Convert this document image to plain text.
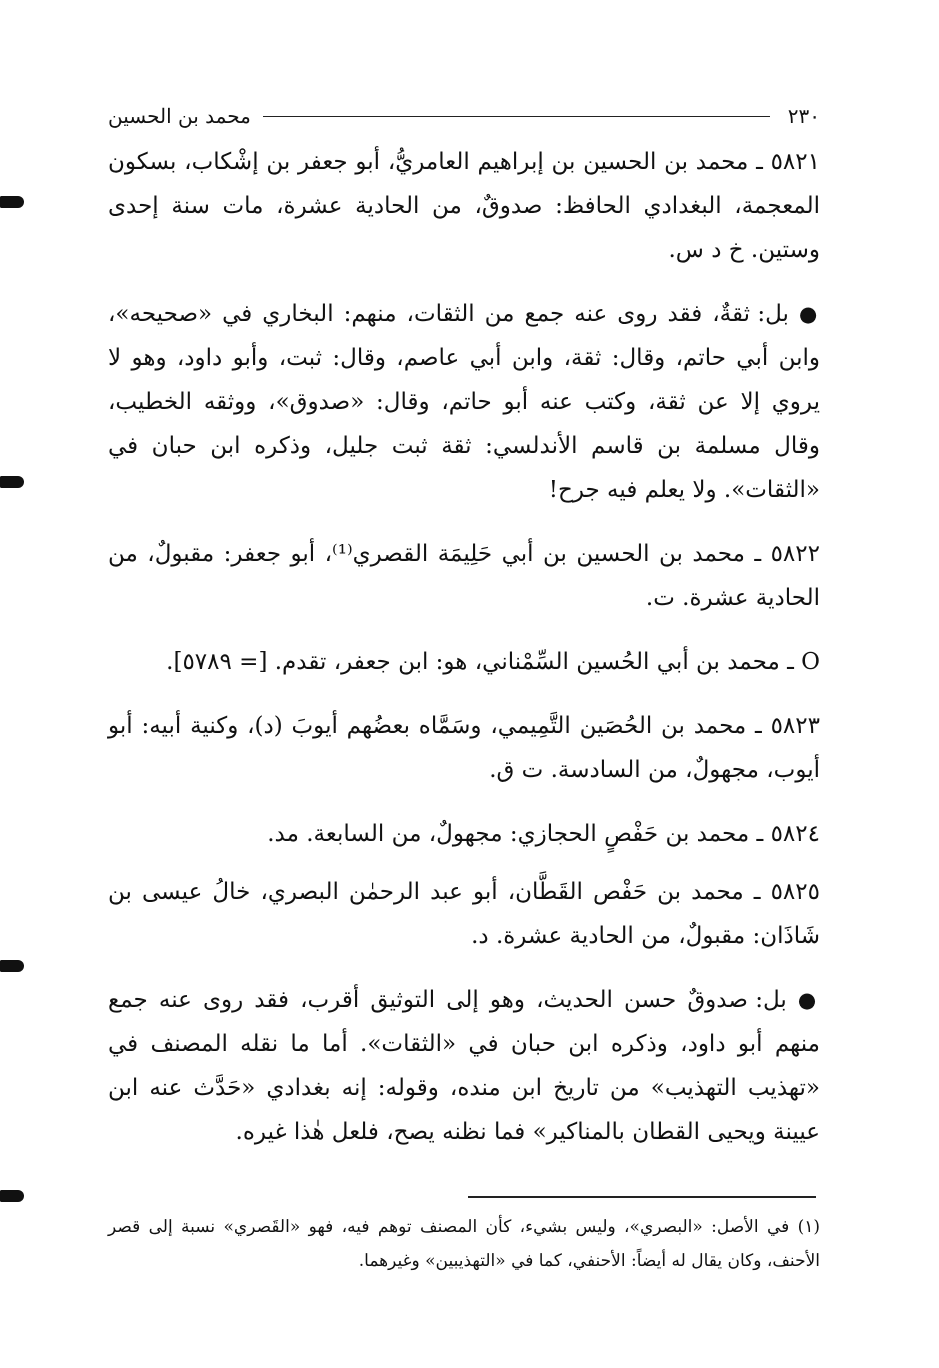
٢٣٠
محمد بن الحسين

٥٨٢١ ـ محمد بن الحسين بن إبراهيم العامريُّ، أبو جعفر بن إشْكاب، بسكون المعجمة، البغدادي الحافظ: صدوقٌ، من الحادية عشرة، مات سنة إحدى وستين. خ د س.

● بل: ثقةٌ، فقد روى عنه جمع من الثقات، منهم: البخاري في «صحيحه»، وابن أبي حاتم، وقال: ثقة، وابن أبي عاصم، وقال: ثبت، وأبو داود، وهو لا يروي إلا عن ثقة، وكتب عنه أبو حاتم، وقال: «صدوق»، ووثقه الخطيب، وقال مسلمة بن قاسم الأندلسي: ثقة ثبت جليل، وذكره ابن حبان في «الثقات». ولا يعلم فيه جرح!

٥٨٢٢ ـ محمد بن الحسين بن أبي حَلِيمَة القصري⁽¹⁾، أبو جعفر: مقبولٌ، من الحادية عشرة. ت.

O ـ محمد بن أبي الحُسين السِّمْناني، هو: ابن جعفر، تقدم. [= ٥٧٨٩].

٥٨٢٣ ـ محمد بن الحُصَين التَّمِيمي، وسَمَّاه بعضُهم أيوبَ (د)، وكنية أبيه: أبو أيوب، مجهولٌ، من السادسة. ت ق.

٥٨٢٤ ـ محمد بن حَفْصٍ الحجازي: مجهولٌ، من السابعة. مد.

٥٨٢٥ ـ محمد بن حَفْص القَطَّان، أبو عبد الرحمٰن البصري، خالُ عيسى بن شَاذَان: مقبولٌ، من الحادية عشرة. د.

● بل: صدوقٌ حسن الحديث، وهو إلى التوثيق أقرب، فقد روى عنه جمع منهم أبو داود، وذكره ابن حبان في «الثقات». أما ما نقله المصنف في «تهذيب التهذيب» من تاريخ ابن منده، وقوله: إنه بغدادي «حَدَّث عنه ابن عيينة ويحيى القطان بالمناكير» فما نظنه يصح، فلعل هٰذا غيره.

(١) في الأصل: «البصري»، وليس بشيء، كأن المصنف توهم فيه، فهو «القَصري» نسبة إلى قصر الأحنف، وكان يقال له أيضاً: الأحنفي، كما في «التهذيبين» وغيرهما.
